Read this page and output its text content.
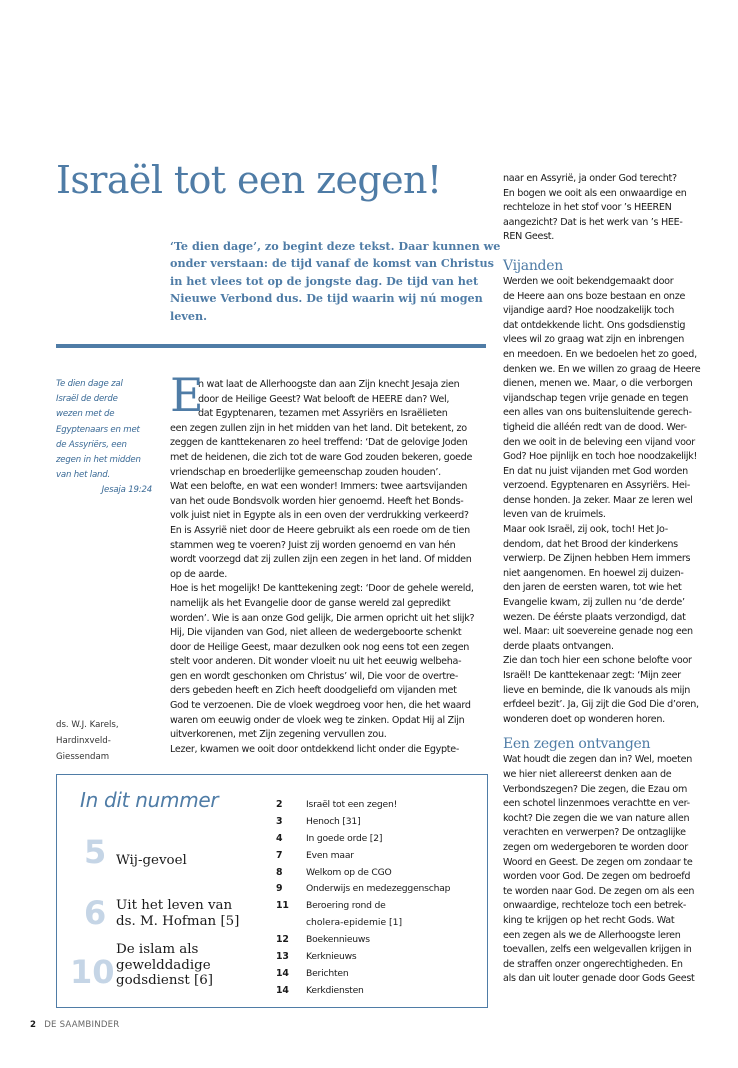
Israël tot een zegen!
‘Te dien dage’, zo begint deze tekst. Daar kunnen we
onder verstaan: de tijd vanaf de komst van Christus
in het vlees tot op de jongste dag. De tijd van het
Nieuwe Verbond dus. De tijd waarin wij nú mogen
leven.
Te dien dage zal
Israël de derde
wezen met de
Egyptenaars en met
de Assyriërs, een
zegen in het midden
van het land.
Jesaja 19:24
ds. W.J. Karels,
Hardinxveld-
Giessendam
E
n wat laat de Allerhoogste dan aan Zijn knecht Jesaja zien
door de Heilige Geest? Wat belooft de HEERE dan? Wel,
dat Egyptenaren, tezamen met Assyriërs en Israëlieten
een zegen zullen zijn in het midden van het land. Dit betekent, zo
zeggen de kanttekenaren zo heel treffend: ‘Dat de gelovige Joden
met de heidenen, die zich tot de ware God zouden bekeren, goede
vriendschap en broederlijke gemeenschap zouden houden’.
Wat een belofte, en wat een wonder! Immers: twee aartsvijanden
van het oude Bondsvolk worden hier genoemd. Heeft het Bonds-
volk juist niet in Egypte als in een oven der verdrukking verkeerd?
En is Assyrië niet door de Heere gebruikt als een roede om de tien
stammen weg te voeren? Juist zij worden genoemd en van hén
wordt voorzegd dat zij zullen zijn een zegen in het land. Of midden
op de aarde.
Hoe is het mogelijk! De kanttekening zegt: ‘Door de gehele wereld,
namelijk als het Evangelie door de ganse wereld zal gepredikt
worden’. Wie is aan onze God gelijk, Die armen opricht uit het slijk?
Hij, Die vijanden van God, niet alleen de wedergeboorte schenkt
door de Heilige Geest, maar dezulken ook nog eens tot een zegen
stelt voor anderen. Dit wonder vloeit nu uit het eeuwig welbeha-
gen en wordt geschonken om Christus’ wil, Die voor de overtre-
ders gebeden heeft en Zich heeft doodgeliefd om vijanden met
God te verzoenen. Die de vloek wegdroeg voor hen, die het waard
waren om eeuwig onder de vloek weg te zinken. Opdat Hij al Zijn
uitverkorenen, met Zijn zegening vervullen zou.
Lezer, kwamen we ooit door ontdekkend licht onder die Egypte-
naar en Assyrië, ja onder God terecht?
En bogen we ooit als een onwaardige en
rechteloze in het stof voor ’s HEEREN
aangezicht? Dat is het werk van ’s HEE-
REN Geest.
Vijanden
Werden we ooit bekendgemaakt door
de Heere aan ons boze bestaan en onze
vijandige aard? Hoe noodzakelijk toch
dat ontdekkende licht. Ons godsdienstig
vlees wil zo graag wat zijn en inbrengen
en meedoen. En we bedoelen het zo goed,
denken we. En we willen zo graag de Heere
dienen, menen we. Maar, o die verborgen
vijandschap tegen vrije genade en tegen
een alles van ons buitensluitende gerech-
tigheid die alléén redt van de dood. Wer-
den we ooit in de beleving een vijand voor
God? Hoe pijnlijk en toch hoe noodzakelijk!
En dat nu juist vijanden met God worden
verzoend. Egyptenaren en Assyriërs. Hei-
dense honden. Ja zeker. Maar ze leren wel
leven van de kruimels.
Maar ook Israël, zij ook, toch! Het Jo-
dendom, dat het Brood der kinderkens
verwierp. De Zijnen hebben Hem immers
niet aangenomen. En hoewel zij duizen-
den jaren de eersten waren, tot wie het
Evangelie kwam, zij zullen nu ‘de derde’
wezen. De éérste plaats verzondigd, dat
wel. Maar: uit soevereine genade nog een
derde plaats ontvangen.
Zie dan toch hier een schone belofte voor
Israël! De kanttekenaar zegt: ‘Mijn zeer
lieve en beminde, die Ik vanouds als mijn
erfdeel bezit’. Ja, Gij zijt die God Die d’oren,
wonderen doet op wonderen horen.
Een zegen ontvangen
Wat houdt die zegen dan in? Wel, moeten
we hier niet allereerst denken aan de
Verbondszegen? Die zegen, die Ezau om
een schotel linzenmoes verachtte en ver-
kocht? Die zegen die we van nature allen
verachten en verwerpen? De ontzaglijke
zegen om wedergeboren te worden door
Woord en Geest. De zegen om zondaar te
worden voor God. De zegen om bedroefd
te worden naar God. De zegen om als een
onwaardige, rechteloze toch een betrek-
king te krijgen op het recht Gods. Wat
een zegen als we de Allerhoogste leren
toevallen, zelfs een welgevallen krijgen in
de straffen onzer ongerechtigheden. En
als dan uit louter genade door Gods Geest
In dit nummer
5 Wij-gevoel
6 Uit het leven van
ds. M. Hofman [5]
10
De islam als
gewelddadige
godsdienst [6]
2	Israël tot een zegen!
3	Henoch [31]
4	In goede orde [2]
7	Even maar
8	Welkom op de CGO
9	Onderwijs en medezeggenschap
11 Beroering rond de
cholera-epidemie [1]
12 Boekennieuws
13 Kerknieuws
14 Berichten
14 Kerkdiensten
2 DE SAAMBINDER
